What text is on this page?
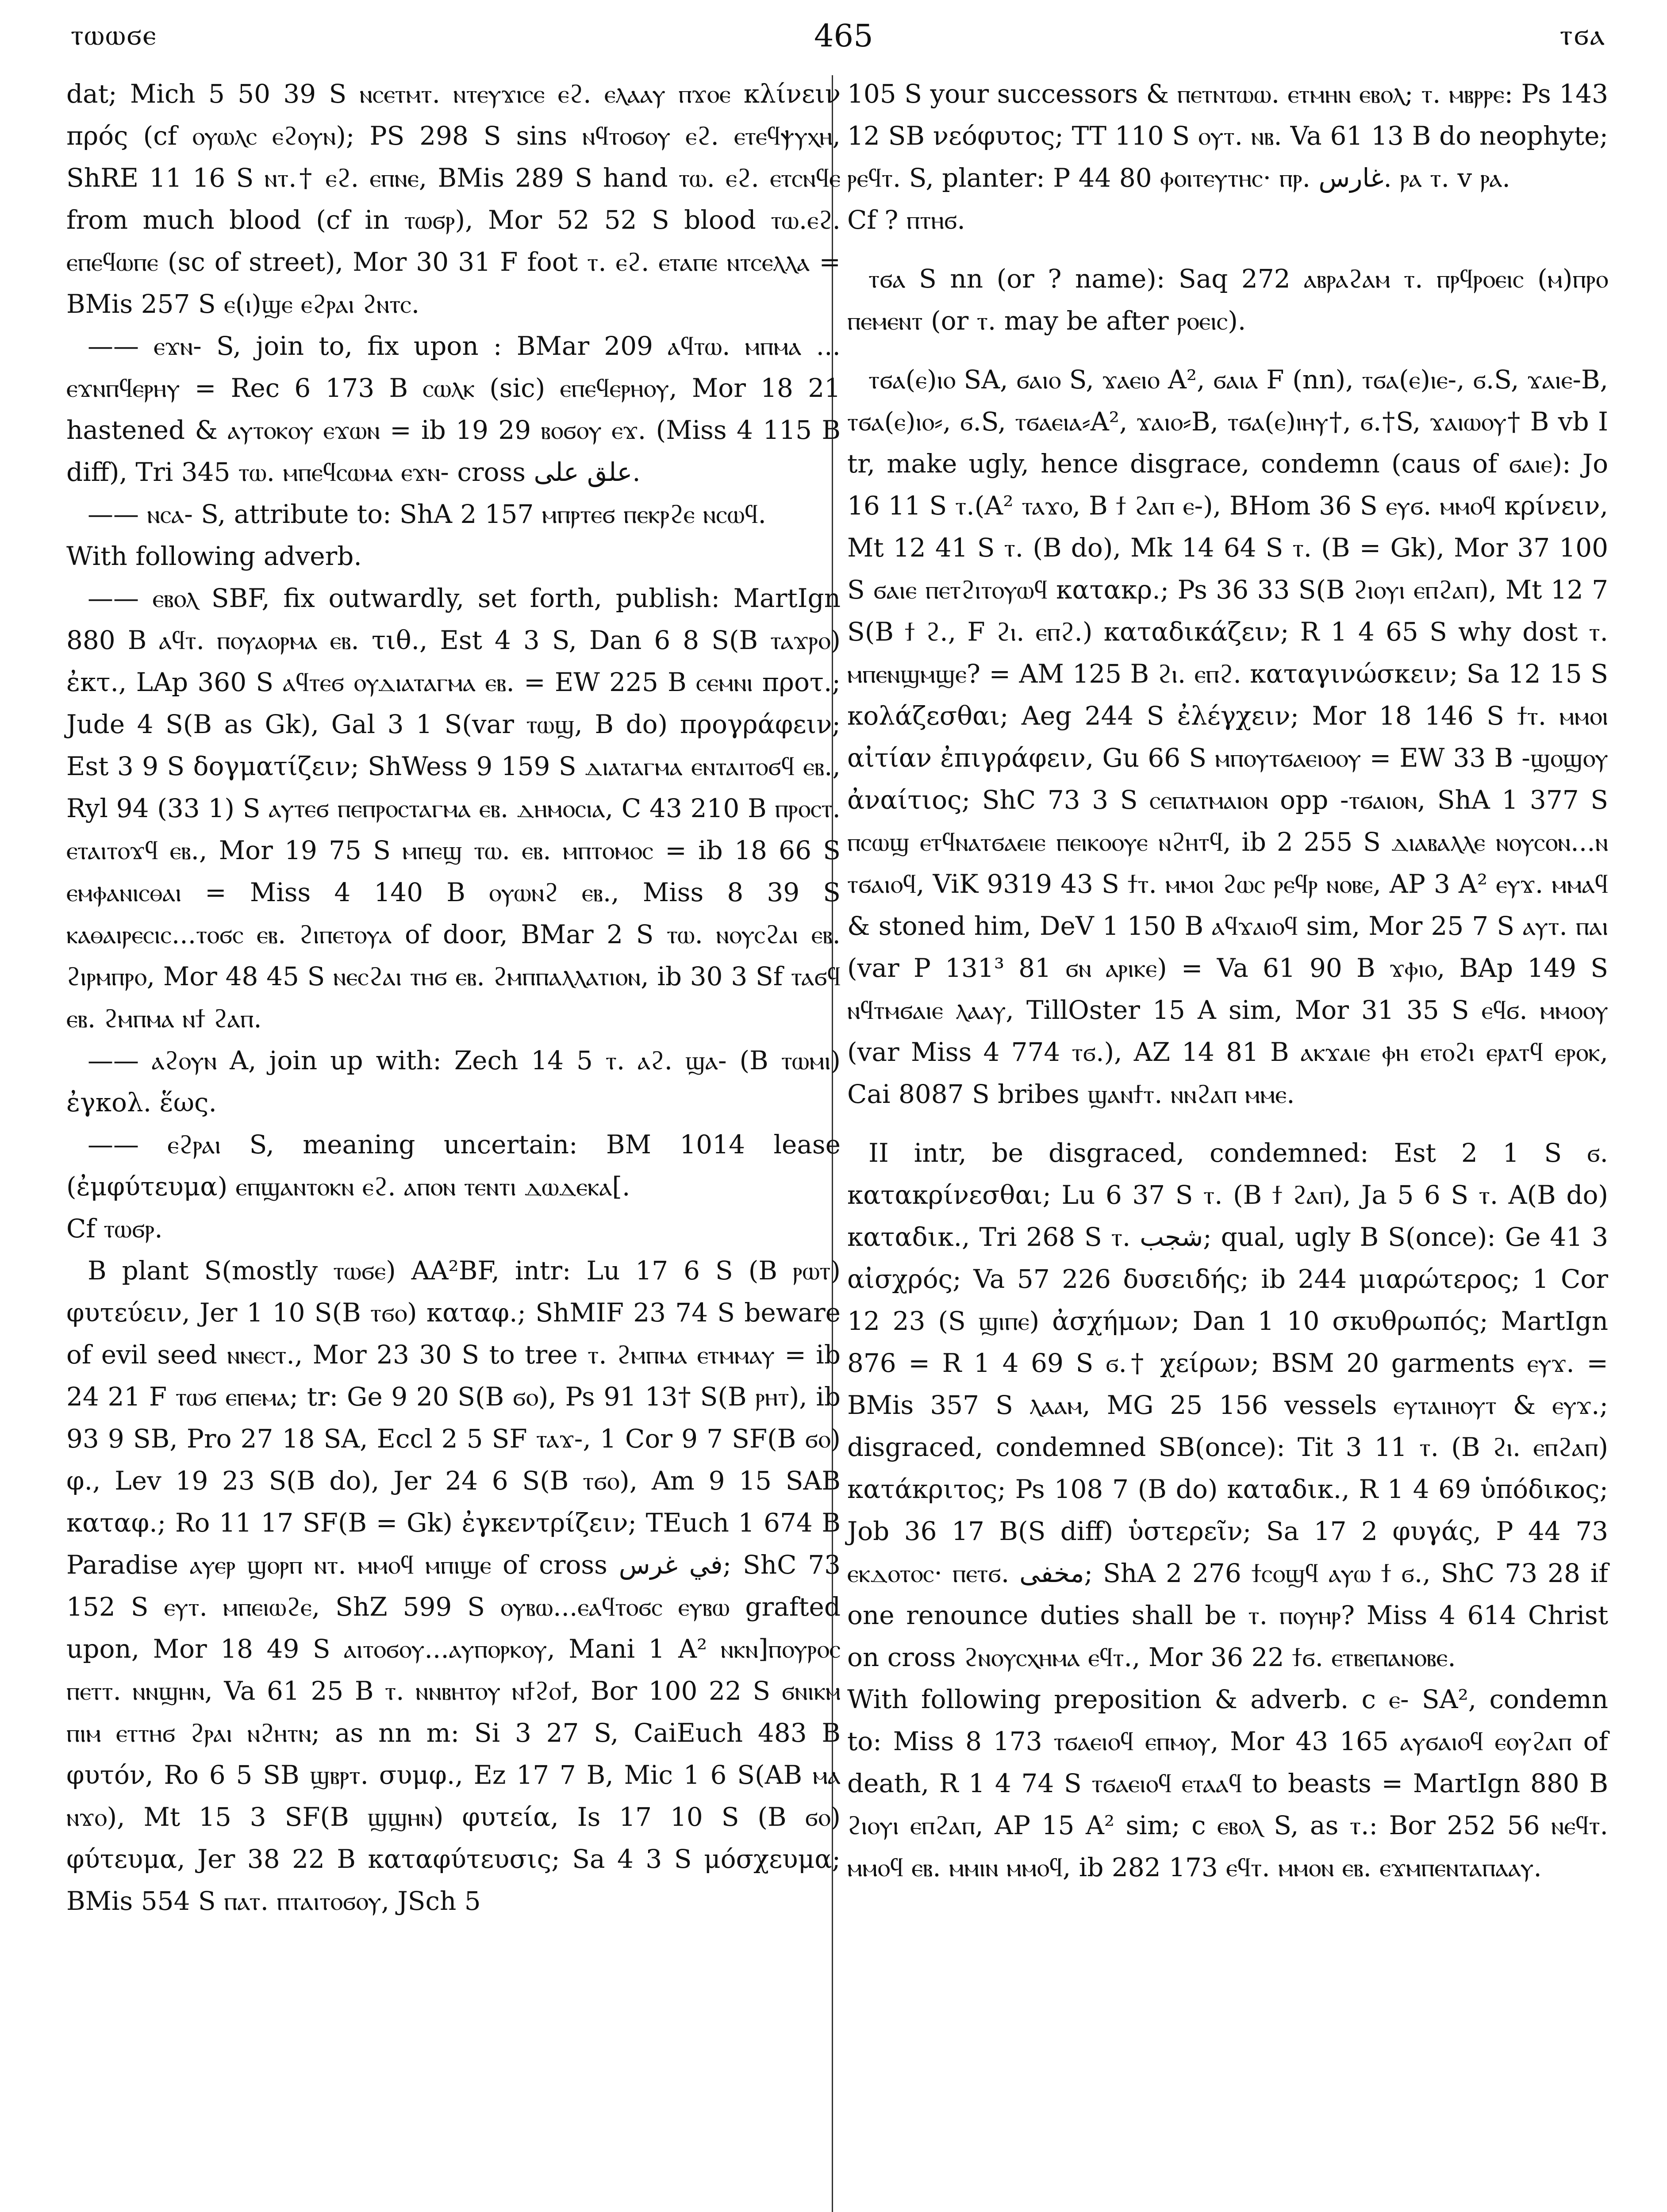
ⲧⲱⲱϭⲉ	465	ⲧϭⲁ

dat; Mich 5 50 39 S ⲛⲥⲉⲧⲙⲧ. ⲛⲧⲉⲩϫⲓⲥⲉ ⲉϩ. ⲉⲗⲁⲁⲩ ⲡϫⲟⲉ κλίνειν πρός (cf ⲟⲩⲱⲗⲥ ⲉϩⲟⲩⲛ); PS 298 S sins ⲛϥⲧⲟϭⲟⲩ ⲉϩ. ⲉⲧⲉϥⲯⲩⲭⲏ, ShRE 11 16 S ⲛⲧ.† ⲉϩ. ⲉⲡⲛⲉ, BMis 289 S hand ⲧⲱ. ⲉϩ. ⲉⲧⲥⲛϥⲉ from much blood (cf in ⲧⲱϭⲣ), Mor 52 52 S blood ⲧⲱ.ⲉϩ. ⲉⲡⲉϥⲱⲡⲉ (sc of street), Mor 30 31 F foot ⲧ. ⲉϩ. ⲉⲧⲁⲡⲉ ⲛⲧⲥⲉⲗⲗⲁ = BMis 257 S ⲉ(ⲓ)ϣⲉ ⲉϩⲣⲁⲓ ϩⲛⲧⲥ.

—— ⲉϫⲛ- S, join to, fix upon : BMar 209 ⲁϥⲧⲱ. ⲙⲡⲙⲁ ... ⲉϫⲛⲡϥⲉⲣⲏⲩ = Rec 6 173 B ⲥⲱⲗⲕ (sic) ⲉⲡⲉϥⲉⲣⲏⲟⲩ, Mor 18 21 hastened & ⲁⲩⲧⲟⲕⲟⲩ ⲉϫⲱⲛ = ib 19 29 ⲃⲟϭⲟⲩ ⲉϫ. (Miss 4 115 B diff), Tri 345 ⲧⲱ. ⲙⲡⲉϥⲥⲱⲙⲁ ⲉϫⲛ- cross علق على.

—— ⲛⲥⲁ- S, attribute to: ShA 2 157 ⲙⲡⲣⲧⲉϭ ⲡⲉⲕⲣϩⲉ ⲛⲥⲱϥ.

With following adverb.

—— ⲉⲃⲟⲗ SBF, fix outwardly, set forth, publish: MartIgn 880 B ⲁϥⲧ. ⲡⲟⲩⲁⲟⲣⲙⲁ ⲉⲃ. τιθ., Est 4 3 S, Dan 6 8 S(B ⲧⲁϫⲣⲟ) ἐκτ., LAp 360 S ⲁϥⲧⲉϭ ⲟⲩⲇⲓⲁⲧⲁⲅⲙⲁ ⲉⲃ. = EW 225 B ⲥⲉⲙⲛⲓ προτ.; Jude 4 S(B as Gk), Gal 3 1 S(var ⲧⲱϣ, B do) προγράφειν; Est 3 9 S δογματίζειν; ShWess 9 159 S ⲇⲓⲁⲧⲁⲅⲙⲁ ⲉⲛⲧⲁⲓⲧⲟϭϥ ⲉⲃ., Ryl 94 (33 1) S ⲁⲩⲧⲉϭ ⲡⲉⲡⲣⲟⲥⲧⲁⲅⲙⲁ ⲉⲃ. ⲇⲏⲙⲟⲥⲓⲁ, C 43 210 B ⲡⲣⲟⲥⲧ. ⲉⲧⲁⲓⲧⲟϫϥ ⲉⲃ., Mor 19 75 S ⲙⲡⲉϣ ⲧⲱ. ⲉⲃ. ⲙⲡⲧⲟⲙⲟⲥ = ib 18 66 S ⲉⲙⲫⲁⲛⲓⲥⲑⲁⲓ = Miss 4 140 B ⲟⲩⲱⲛϩ ⲉⲃ., Miss 8 39 S ⲕⲁⲑⲁⲓⲣⲉⲥⲓⲥ...ⲧⲟϭⲥ ⲉⲃ. ϩⲓⲡⲉⲧⲟⲩⲁ of door, BMar 2 S ⲧⲱ. ⲛⲟⲩⲥϩⲁⲓ ⲉⲃ. ϩⲓⲣⲙⲡⲣⲟ, Mor 48 45 S ⲛⲉⲥϩⲁⲓ ⲧⲏϭ ⲉⲃ. ϩⲙⲡⲡⲁⲗⲗⲁⲧⲓⲟⲛ, ib 30 3 Sf ⲧⲁϭϥ ⲉⲃ. ϩⲙⲡⲙⲁ ⲛϯ ϩⲁⲡ.

—— ⲁϩⲟⲩⲛ A, join up with: Zech 14 5 ⲧ. ⲁϩ. ϣⲁ- (B ⲧⲱⲙⲓ) ἐγκολ. ἕως.

—— ⲉϩⲣⲁⲓ S, meaning uncertain: BM 1014 lease (ἐμφύτευμα) ⲉⲡϣⲁⲛⲧⲟⲕⲛ ⲉϩ. ⲁⲡⲟⲛ ⲧⲉⲛⲧⲓ ⲇⲱⲇⲉⲕⲁ[.

Cf ⲧⲱϭⲣ.

B plant S(mostly ⲧⲱϭⲉ) AA²BF, intr: Lu 17 6 S (B ⲣⲱⲧ) φυτεύειν, Jer 1 10 S(B ⲧϭⲟ) καταφ.; ShMIF 23 74 S beware of evil seed ⲛⲛⲉⲥⲧ., Mor 23 30 S to tree ⲧ. ϩⲙⲡⲙⲁ ⲉⲧⲙⲙⲁⲩ = ib 24 21 F ⲧⲱϭ ⲉⲡⲉⲙⲁ; tr: Ge 9 20 S(B ϭⲟ), Ps 91 13† S(B ⲣⲏⲧ), ib 93 9 SB, Pro 27 18 SA, Eccl 2 5 SF ⲧⲁϫ-, 1 Cor 9 7 SF(B ϭⲟ) φ., Lev 19 23 S(B do), Jer 24 6 S(B ⲧϭⲟ), Am 9 15 SAB καταφ.; Ro 11 17 SF(B = Gk) ἐγκεντρίζειν; TEuch 1 674 B Paradise ⲁⲩⲉⲣ ϣⲟⲣⲡ ⲛⲧ. ⲙⲙⲟϥ ⲙⲡⲓϣⲉ of cross في غرس; ShC 73 152 S ⲉⲩⲧ. ⲙⲡⲉⲓⲱϩⲉ, ShZ 599 S ⲟⲩⲃⲱ...ⲉⲁϥⲧⲟϭⲥ ⲉⲩⲃⲱ grafted upon, Mor 18 49 S ⲁⲓⲧⲟϭⲟⲩ...ⲁⲩⲡⲟⲣⲕⲟⲩ, Mani 1 A² ⲛⲕⲛ]ⲡⲟⲩⲣⲟⲥ ⲡⲉⲧⲧ. ⲛⲛϣⲏⲛ, Va 61 25 B ⲧ. ⲛⲛⲃⲏⲧⲟⲩ ⲛϯϩⲟϯ, Bor 100 22 S ϭⲛⲓⲕⲙ ⲡⲓⲙ ⲉⲧⲧⲏϭ ϩⲣⲁⲓ ⲛϩⲏⲧⲛ; as nn m: Si 3 27 S, CaiEuch 483 B φυτόν, Ro 6 5 SB ϣⲃⲣⲧ. συμφ., Ez 17 7 B, Mic 1 6 S(AB ⲙⲁ ⲛϫⲟ), Mt 15 3 SF(B ϣϣⲏⲛ) φυτεία, Is 17 10 S (B ϭⲟ) φύτευμα, Jer 38 22 B καταφύτευσις; Sa 4 3 S μόσχευμα; BMis 554 S ⲡⲁⲧ. ⲡⲧⲁⲓⲧⲟϭⲟⲩ, JSch 5

105 S your successors & ⲡⲉⲧⲛⲧⲱⲱ. ⲉⲧⲙⲏⲛ ⲉⲃⲟⲗ; ⲧ. ⲙⲃⲣⲣⲉ: Ps 143 12 SB νεόφυτος; TT 110 S ⲟⲩⲧ. ⲛⲃ. Va 61 13 B do neophyte; ⲣⲉϥⲧ. S, planter: P 44 80 ⲫⲟⲓⲧⲉⲩⲧⲏⲥ· ⲡⲣ. غارس. ⲣⲁ ⲧ. v ⲣⲁ.

Cf ? ⲡⲧⲏϭ.

ⲧϭⲁ S nn (or ? name): Saq 272 ⲁⲃⲣⲁϩⲁⲙ ⲧ. ⲡⲣϥⲣⲟⲉⲓⲥ (ⲙ)ⲡⲣⲟ ⲡⲉⲙⲉⲛⲧ (or ⲧ. may be after ⲣⲟⲉⲓⲥ).

ⲧϭⲁ(ⲉ)ⲓⲟ SA, ϭⲁⲓⲟ S, ϫⲁⲉⲓⲟ A², ϭⲁⲓⲁ F (nn), ⲧϭⲁ(ⲉ)ⲓⲉ-, ϭ.S, ϫⲁⲓⲉ-B, ⲧϭⲁ(ⲉ)ⲓⲟ⸗, ϭ.S, ⲧϭⲁⲉⲓⲁ⸗A², ϫⲁⲓⲟ⸗B, ⲧϭⲁ(ⲉ)ⲓⲏⲩ†, ϭ.†S, ϫⲁⲓⲱⲟⲩ† B vb I tr, make ugly, hence disgrace, condemn (caus of ϭⲁⲓⲉ): Jo 16 11 S ⲧ.(A² ⲧⲁϫⲟ, B ϯ ϩⲁⲡ ⲉ-), BHom 36 S ⲉⲩϭ. ⲙⲙⲟϥ κρίνειν, Mt 12 41 S ⲧ. (B do), Mk 14 64 S ⲧ. (B = Gk), Mor 37 100 S ϭⲁⲓⲉ ⲡⲉⲧϩⲓⲧⲟⲩⲱϥ κατακρ.; Ps 36 33 S(B ϩⲓⲟⲩⲓ ⲉⲡϩⲁⲡ), Mt 12 7 S(B ϯ ϩ., F ϩⲓ. ⲉⲡϩ.) καταδικάζειν; R 1 4 65 S why dost ⲧ. ⲙⲡⲉⲛϣⲙϣⲉ? = AM 125 B ϩⲓ. ⲉⲡϩ. καταγινώσκειν; Sa 12 15 S κολάζεσθαι; Aeg 244 S ἐλέγχειν; Mor 18 146 S ϯⲧ. ⲙⲙⲟⲓ αἰτίαν ἐπιγράφειν, Gu 66 S ⲙⲡⲟⲩⲧϭⲁⲉⲓⲟⲟⲩ = EW 33 B -ϣⲟϣⲟⲩ ἀναίτιος; ShC 73 3 S ⲥⲉⲡⲁⲧⲙⲁⲓⲟⲛ opp -ⲧϭⲁⲓⲟⲛ, ShA 1 377 S ⲡⲥⲱϣ ⲉⲧϥⲛⲁⲧϭⲁⲉⲓⲉ ⲡⲉⲓⲕⲟⲟⲩⲉ ⲛϩⲏⲧϥ, ib 2 255 S ⲇⲓⲁⲃⲁⲗⲗⲉ ⲛⲟⲩⲥⲟⲛ...ⲛ ⲧϭⲁⲓⲟϥ, ViK 9319 43 S ϯⲧ. ⲙⲙⲟⲓ ϩⲱⲥ ⲣⲉϥⲣ ⲛⲟⲃⲉ, AP 3 A² ⲉⲩϫ. ⲙⲙⲁϥ & stoned him, DeV 1 150 B ⲁϥϫⲁⲓⲟϥ sim, Mor 25 7 S ⲁⲩⲧ. ⲡⲁⲓ (var P 131³ 81 ϭⲛ ⲁⲣⲓⲕⲉ) = Va 61 90 B ϫⲫⲓⲟ, BAp 149 S ⲛϥⲧⲙϭⲁⲓⲉ ⲗⲁⲁⲩ, TillOster 15 A sim, Mor 31 35 S ⲉϥϭ. ⲙⲙⲟⲟⲩ (var Miss 4 774 ⲧϭ.), AZ 14 81 B ⲁⲕϫⲁⲓⲉ ⲫⲏ ⲉⲧⲟϩⲓ ⲉⲣⲁⲧϥ ⲉⲣⲟⲕ, Cai 8087 S bribes ϣⲁⲛϯⲧ. ⲛⲛϩⲁⲡ ⲙⲙⲉ.

II intr, be disgraced, condemned: Est 2 1 S ϭ. κατακρίνεσθαι; Lu 6 37 S ⲧ. (B ϯ ϩⲁⲡ), Ja 5 6 S ⲧ. A(B do) καταδικ., Tri 268 S ⲧ. شجب; qual, ugly B S(once): Ge 41 3 αἰσχρός; Va 57 226 δυσειδής; ib 244 μιαρώτερος; 1 Cor 12 23 (S ϣⲓⲡⲉ) ἀσχήμων; Dan 1 10 σκυθρωπός; MartIgn 876 = R 1 4 69 S ϭ.† χείρων; BSM 20 garments ⲉⲩϫ. = BMis 357 S ⲗⲁⲁⲙ, MG 25 156 vessels ⲉⲩⲧⲁⲓⲏⲟⲩⲧ & ⲉⲩϫ.; disgraced, condemned SB(once): Tit 3 11 ⲧ. (B ϩⲓ. ⲉⲡϩⲁⲡ) κατάκριτος; Ps 108 7 (B do) καταδικ., R 1 4 69 ὑπόδικος; Job 36 17 B(S diff) ὑστερεῖν; Sa 17 2 φυγάς, P 44 73 ⲉⲕⲇⲟⲧⲟⲥ· ⲡⲉⲧϭ. مخفى; ShA 2 276 ϯⲥⲟϣϥ ⲁⲩⲱ ϯ ϭ., ShC 73 28 if one renounce duties shall be ⲧ. ⲡⲟⲩⲏⲣ? Miss 4 614 Christ on cross ϩⲛⲟⲩⲥⲭⲏⲙⲁ ⲉϥⲧ., Mor 36 22 ϯϭ. ⲉⲧⲃⲉⲡⲁⲛⲟⲃⲉ.

With following preposition & adverb. c ⲉ- SA², condemn to: Miss 8 173 ⲧϭⲁⲉⲓⲟϥ ⲉⲡⲙⲟⲩ, Mor 43 165 ⲁⲩϭⲁⲓⲟϥ ⲉⲟⲩϩⲁⲡ of death, R 1 4 74 S ⲧϭⲁⲉⲓⲟϥ ⲉⲧⲁⲁϥ to beasts = MartIgn 880 B ϩⲓⲟⲩⲓ ⲉⲡϩⲁⲡ, AP 15 A² sim; c ⲉⲃⲟⲗ S, as ⲧ.: Bor 252 56 ⲛⲉϥⲧ. ⲙⲙⲟϥ ⲉⲃ. ⲙⲙⲓⲛ ⲙⲙⲟϥ, ib 282 173 ⲉϥⲧ. ⲙⲙⲟⲛ ⲉⲃ. ⲉϫⲙⲡⲉⲛⲧⲁⲡⲁⲁⲩ.
